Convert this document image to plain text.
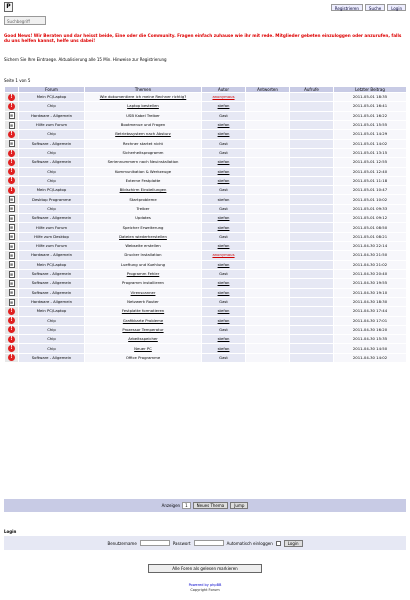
P	Registrieren	Suche	Login
Suchbegriff
Good News! Wir Beraten und dar heisst beide, Eine oder die Community. Fragen einfach zuhause wie ihr mit rede. Mitglieder gebeten einzuloggen oder anzurufen, falls du uns helfen kannst, helfe uns dabei!
Sichern Sie Ihre Eintraege. Aktualisierung alle 15 Min. Hinweise zur Registrierung
Seite 1 von 5
	Forum	Themen	Autor	Antworten	Aufrufe	Letzter Beitrag
!	Mein PC/Laptop	Wie dokumentiere ich meine Rechner richtig?	anonymous			2011-05-01 18:35
!	Chip	Laptop bestellen	stefan			2011-05-01 16:41
≡	Hardware - Allgemein	USB Kabel Treiber	Gast			2011-05-01 16:22
≡	Hilfe zum Forum	Bootmenue und Fragen	stefan			2011-05-01 15:55
!	Chip	Betriebssystem nach Absturz	stefan			2011-05-01 14:29
≡	Software - Allgemein	Rechner startet nicht	Gast			2011-05-01 14:02
!	Chip	Sicherheitsprogramm	Gast			2011-05-01 13:15
!	Software - Allgemein	Seriennummern nach Neuinstallation	stefan			2011-05-01 12:55
!	Chip	Kommunikation & Werkzeuge	stefan			2011-05-01 12:40
!	Chip	Externe Festplatte	stefan			2011-05-01 11:18
!	Mein PC/Laptop	Bildschirm Einstellungen	Gast			2011-05-01 10:47
≡	Desktop Programme	Startprobleme	stefan			2011-05-01 10:02
≡	Chip	Treiber	Gast			2011-05-01 09:33
≡	Software - Allgemein	Updates	stefan			2011-05-01 09:12
≡	Hilfe zum Forum	Speicher Erweiterung	stefan			2011-05-01 08:50
≡	Hilfe zum Desktop	Dateien wiederherstellen	Gast			2011-05-01 08:21
≡	Hilfe zum Forum	Webseite erstellen	stefan			2011-04-30 22:14
≡	Hardware - Allgemein	Drucker Installation	anonymous			2011-04-30 21:50
≡	Mein PC/Laptop	Lueftung und Kuehlung	stefan			2011-04-30 21:02
≡	Software - Allgemein	Programm Fehler	Gast			2011-04-30 20:40
≡	Software - Allgemein	Programm installieren	stefan			2011-04-30 19:55
≡	Software - Allgemein	Virenscanner	stefan			2011-04-30 19:10
≡	Hardware - Allgemein	Netzwerk Router	Gast			2011-04-30 18:30
!	Mein PC/Laptop	Festplatte formatieren	stefan			2011-04-30 17:44
!	Chip	Grafikkarte Probleme	stefan			2011-04-30 17:01
!	Chip	Prozessor Temperatur	Gast			2011-04-30 16:20
!	Chip	Arbeitsspeicher	stefan			2011-04-30 15:35
!	Chip	Neuer PC	stefan			2011-04-30 14:50
!	Software - Allgemein	Office Programme	Gast			2011-04-30 14:02
Anzeigen	1	Neues Thema	Jump
Login
Benutzername	Passwort	Automatisch einloggen	Login
Alle Foren als gelesen markieren
Powered by phpBB
Copyright Forum
